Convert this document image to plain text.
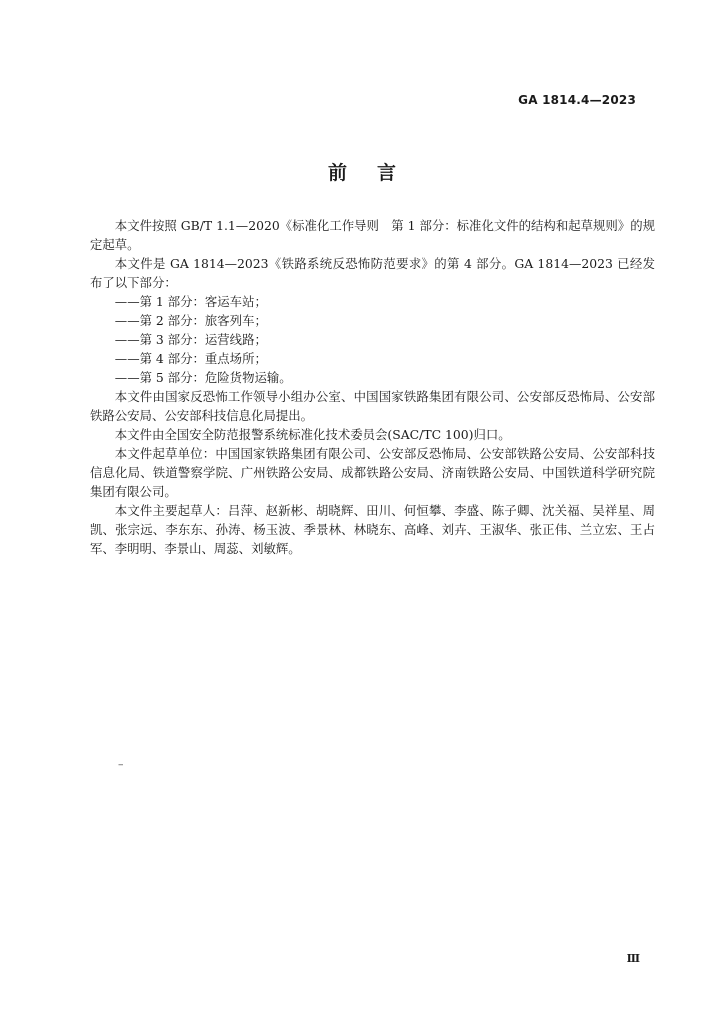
GA 1814.4—2023
前言

本文件按照 GB/T 1.1—2020《标准化工作导则　第 1 部分：标准化文件的结构和起草规则》的规定起草。

本文件是 GA 1814—2023《铁路系统反恐怖防范要求》的第 4 部分。GA 1814—2023 已经发布了以下部分：

——第 1 部分：客运车站；

——第 2 部分：旅客列车；

——第 3 部分：运营线路；

——第 4 部分：重点场所；

——第 5 部分：危险货物运输。

本文件由国家反恐怖工作领导小组办公室、中国国家铁路集团有限公司、公安部反恐怖局、公安部铁路公安局、公安部科技信息化局提出。

本文件由全国安全防范报警系统标准化技术委员会(SAC/TC 100)归口。

本文件起草单位：中国国家铁路集团有限公司、公安部反恐怖局、公安部铁路公安局、公安部科技信息化局、铁道警察学院、广州铁路公安局、成都铁路公安局、济南铁路公安局、中国铁道科学研究院集团有限公司。

本文件主要起草人：吕萍、赵新彬、胡晓辉、田川、何恒攀、李盛、陈子卿、沈关福、吴祥星、周凯、张宗远、李东东、孙涛、杨玉波、季景林、林晓东、高峰、刘卉、王淑华、张正伟、兰立宏、王占军、李明明、李景山、周蕊、刘敏辉。

–
Ⅲ
